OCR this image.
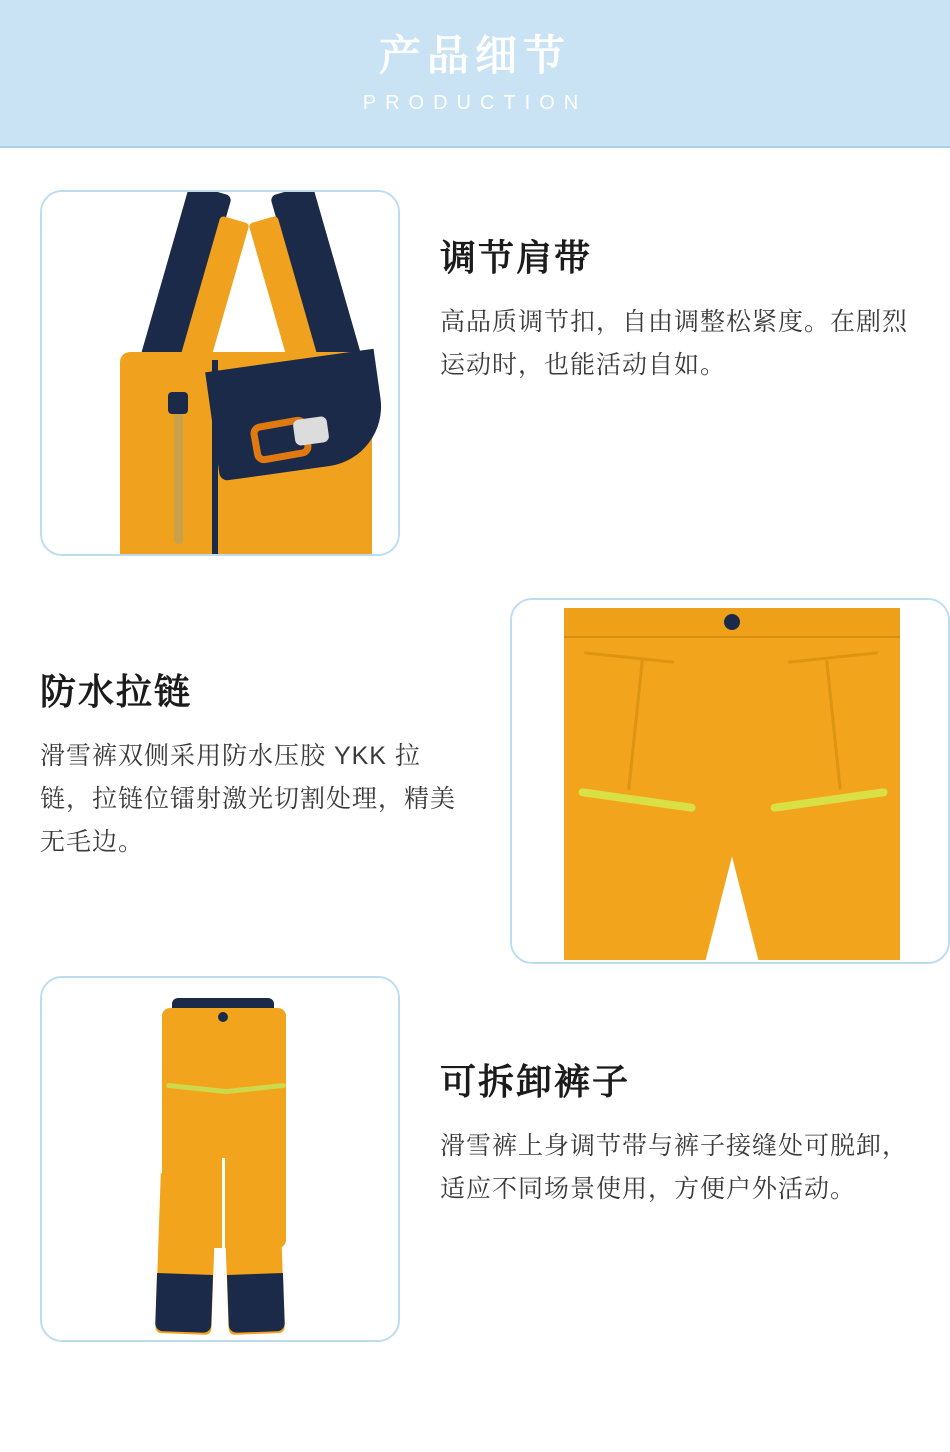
产品细节
PRODUCTION
调节肩带
高品质调节扣，自由调整松紧度。在剧烈运动时，也能活动自如。
防水拉链
滑雪裤双侧采用防水压胶 YKK 拉链，拉链位镭射激光切割处理，精美无毛边。
可拆卸裤子
滑雪裤上身调节带与裤子接缝处可脱卸，适应不同场景使用，方便户外活动。
